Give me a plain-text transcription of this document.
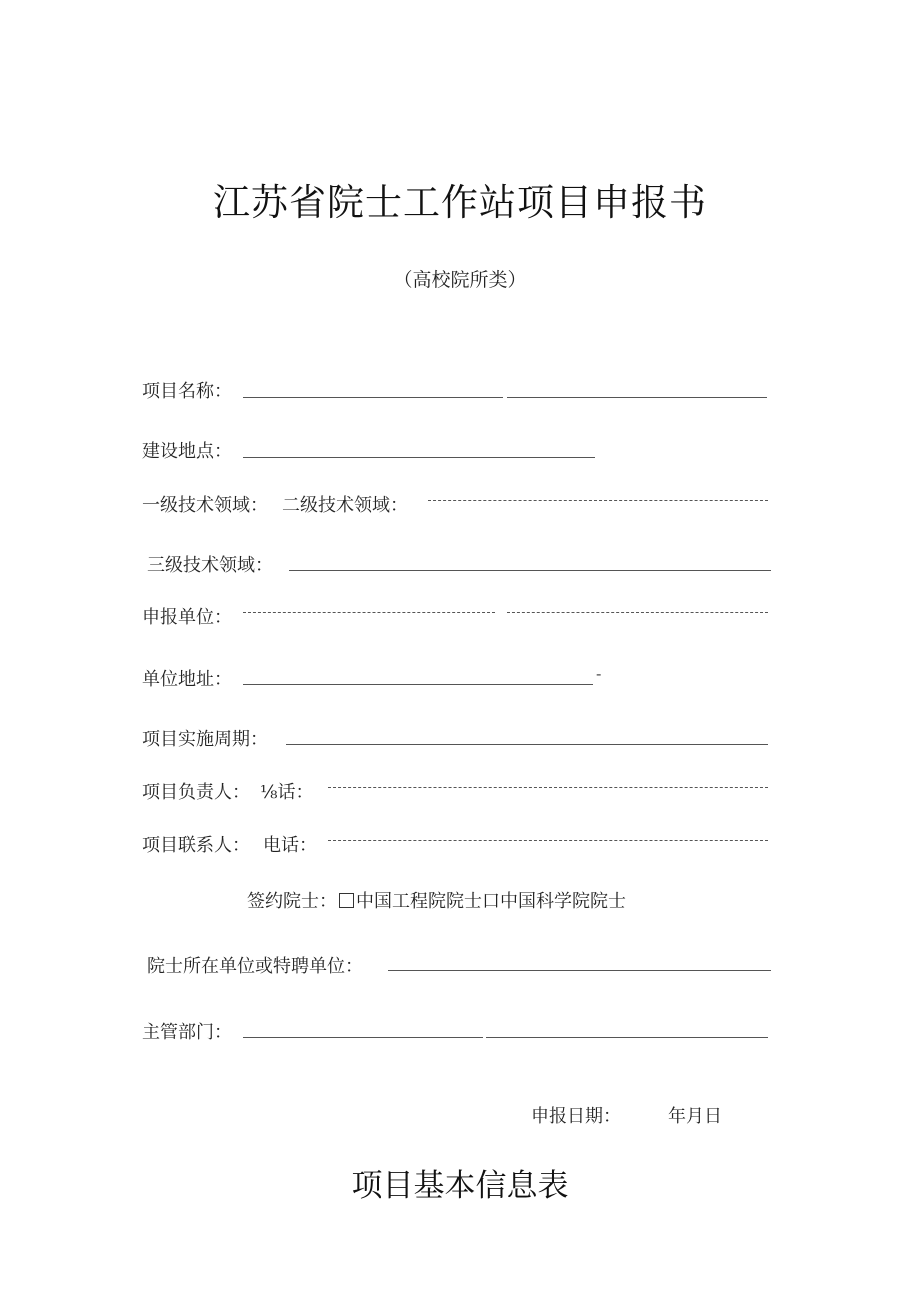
江苏省院士工作站项目申报书
（高校院所类）
项目名称：
建设地点：
一级技术领域： 二级技术领域：
三级技术领域：
申报单位：
单位地址：	-
项目实施周期：
项目负责人： ⅛话：
项目联系人： 电话：
签约院士： 中国工程院院士口中国科学院院士
院士所在单位或特聘单位：
主管部门：
申报日期：	年月日
项目基本信息表
